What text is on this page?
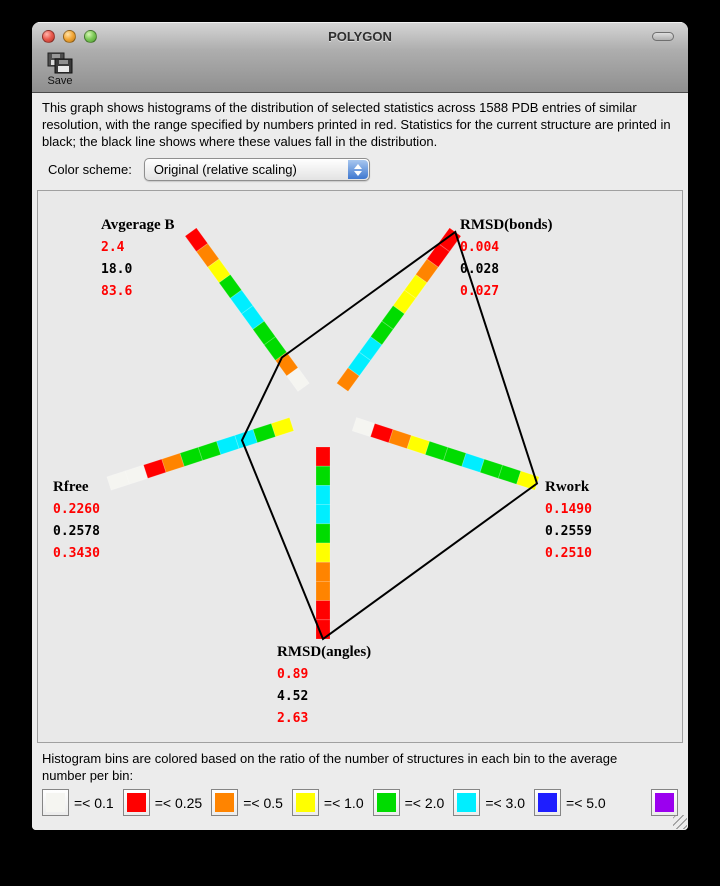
POLYGON
Save
This graph shows histograms of the distribution of selected statistics across 1588 PDB entries of similar resolution, with the range specified by numbers printed in red. Statistics for the current structure are printed in black; the black line shows where these values fall in the distribution.
Color scheme: Original (relative scaling)
Avgerage B
2.4
18.0
83.6
RMSD(bonds)
0.004
0.028
0.027
Rwork
0.1490
0.2559
0.2510
RMSD(angles)
0.89
4.52
2.63
Rfree
0.2260
0.2578
0.3430
Histogram bins are colored based on the ratio of the number of structures in each bin to the average number per bin:
=< 0.1	=< 0.25	=< 0.5	=< 1.0	=< 2.0	=< 3.0	=< 5.0
